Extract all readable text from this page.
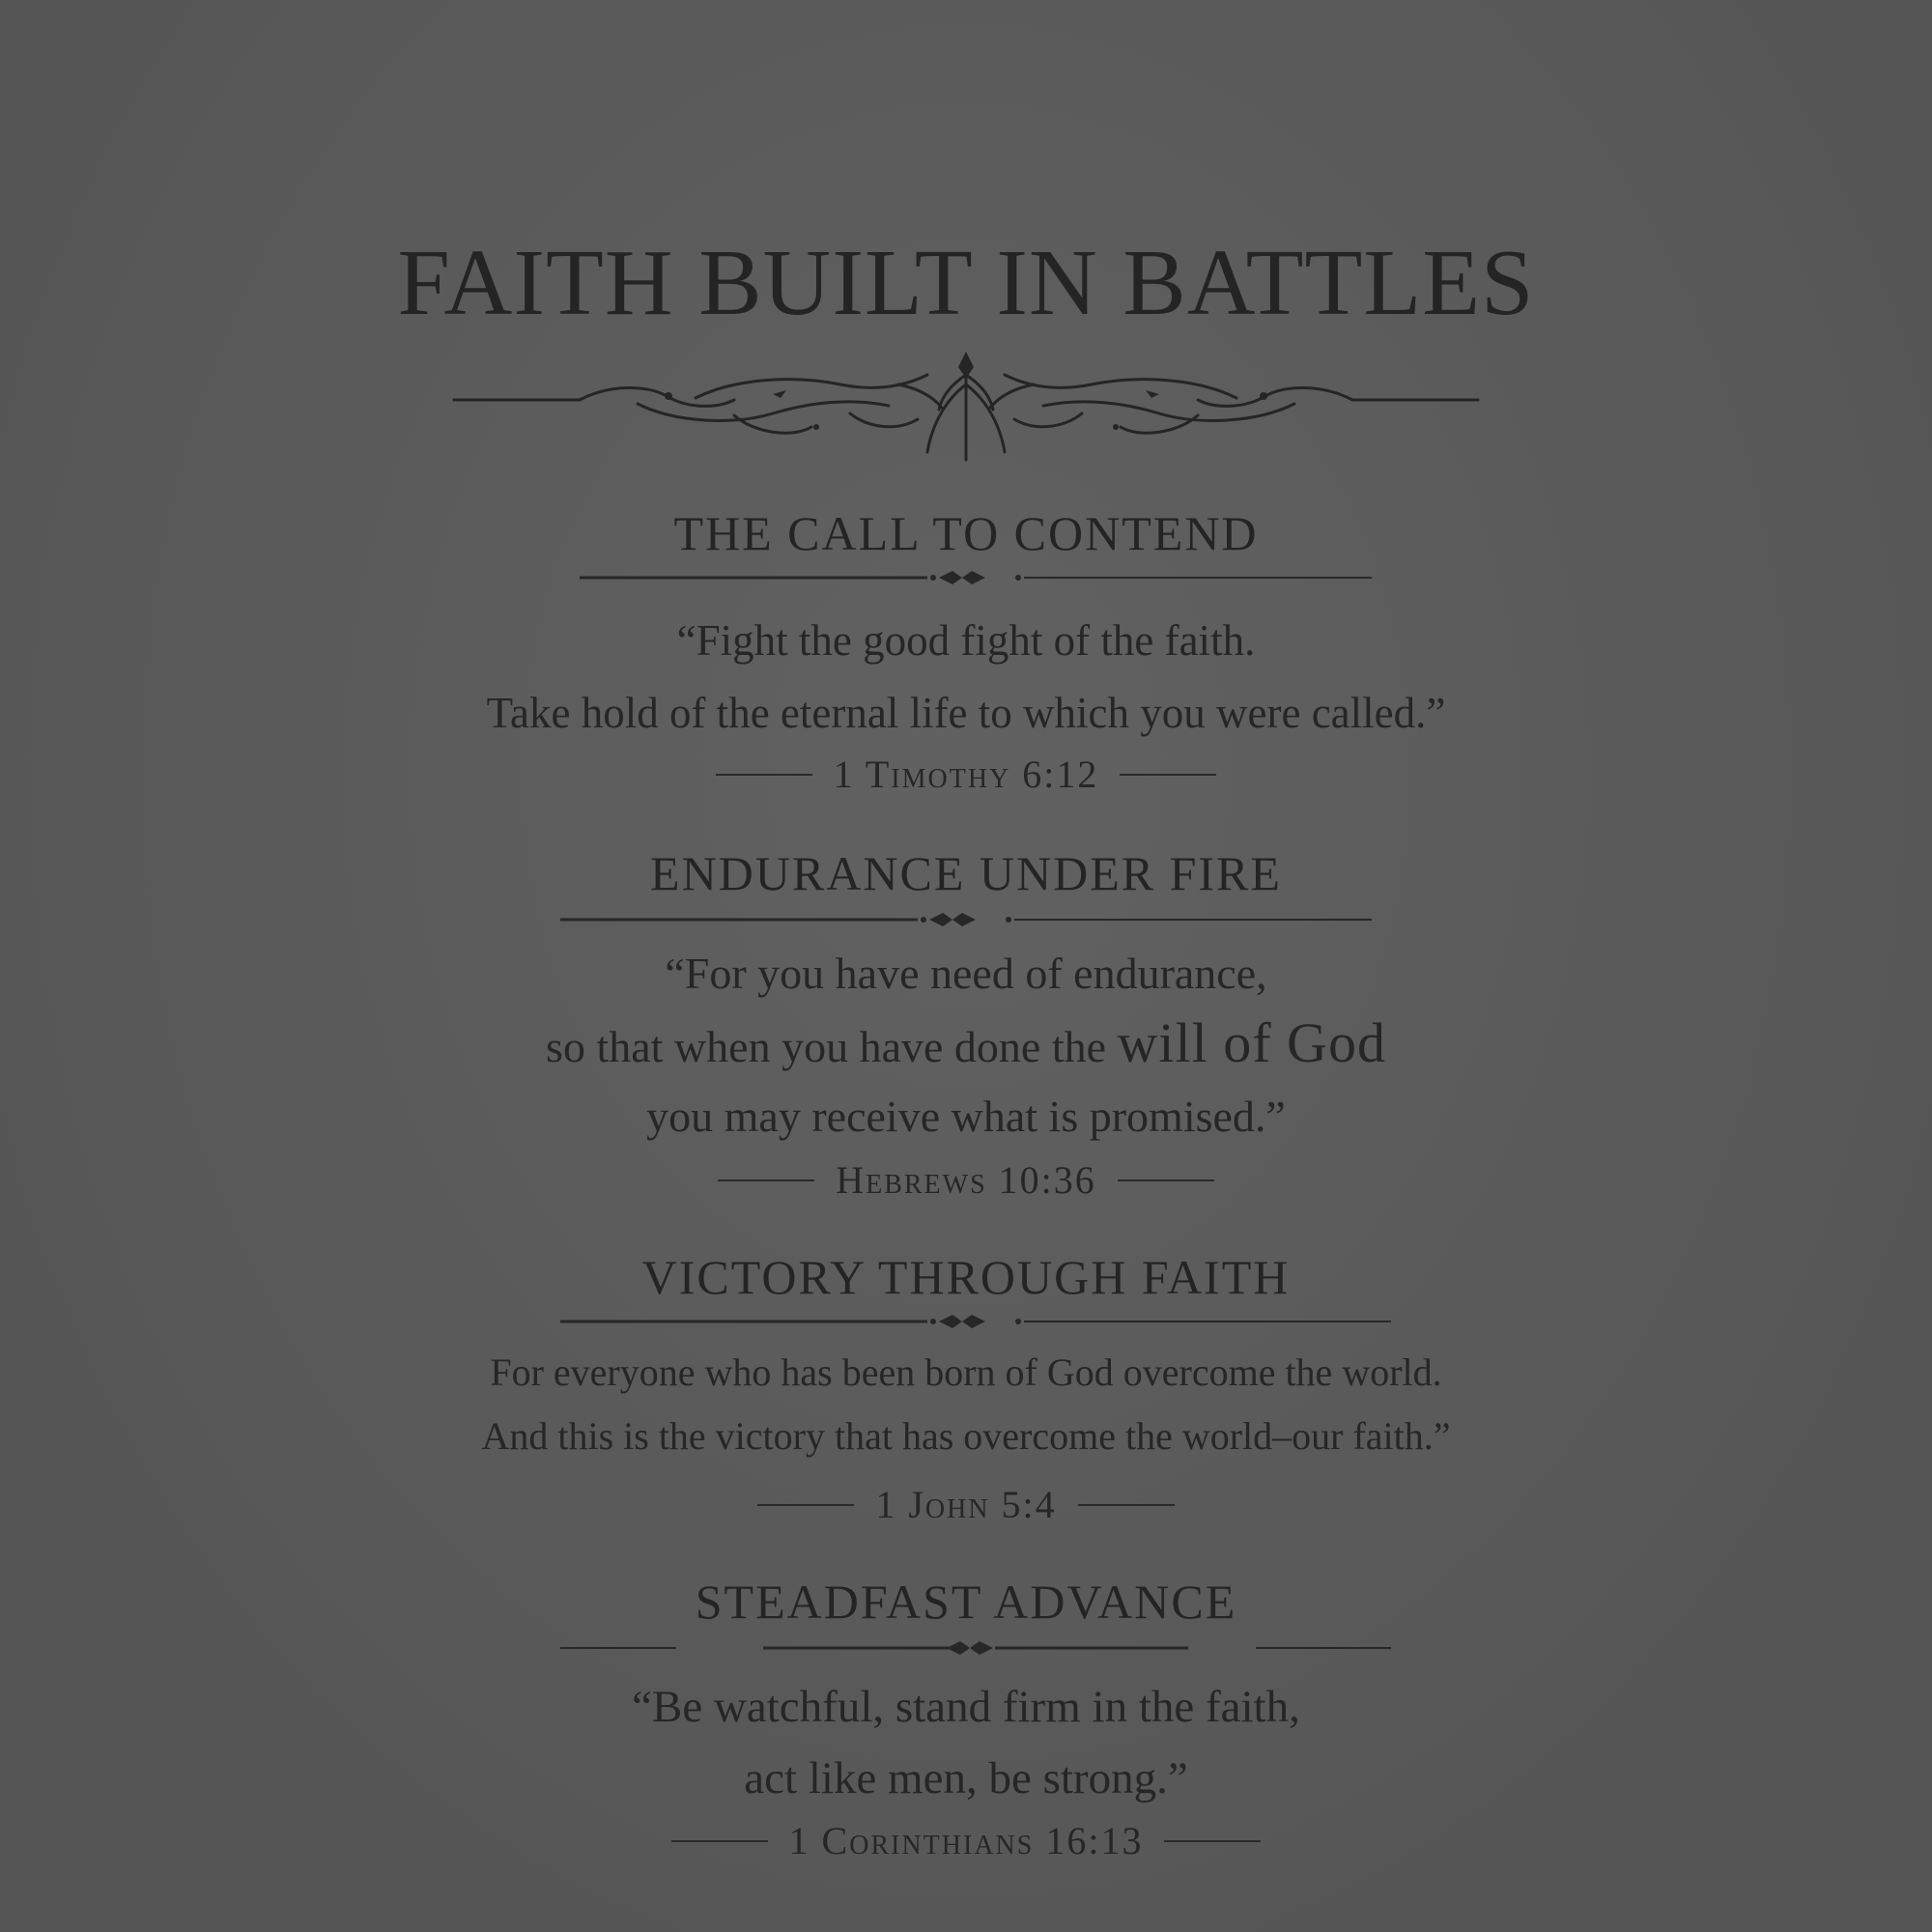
FAITH BUILT IN BATTLES
THE CALL TO CONTEND
“Fight the good fight of the faith.
Take hold of the eternal life to which you were called.”
1 Timothy 6:12
ENDURANCE UNDER FIRE
“For you have need of endurance,
so that when you have done the will of God
you may receive what is promised.”
Hebrews 10:36
VICTORY THROUGH FAITH
For everyone who has been born of God overcome the world.
And this is the victory that has overcome the world–our faith.”
1 John 5:4
STEADFAST ADVANCE
“Be watchful, stand firm in the faith,
act like men, be strong.”
1 Corinthians 16:13
